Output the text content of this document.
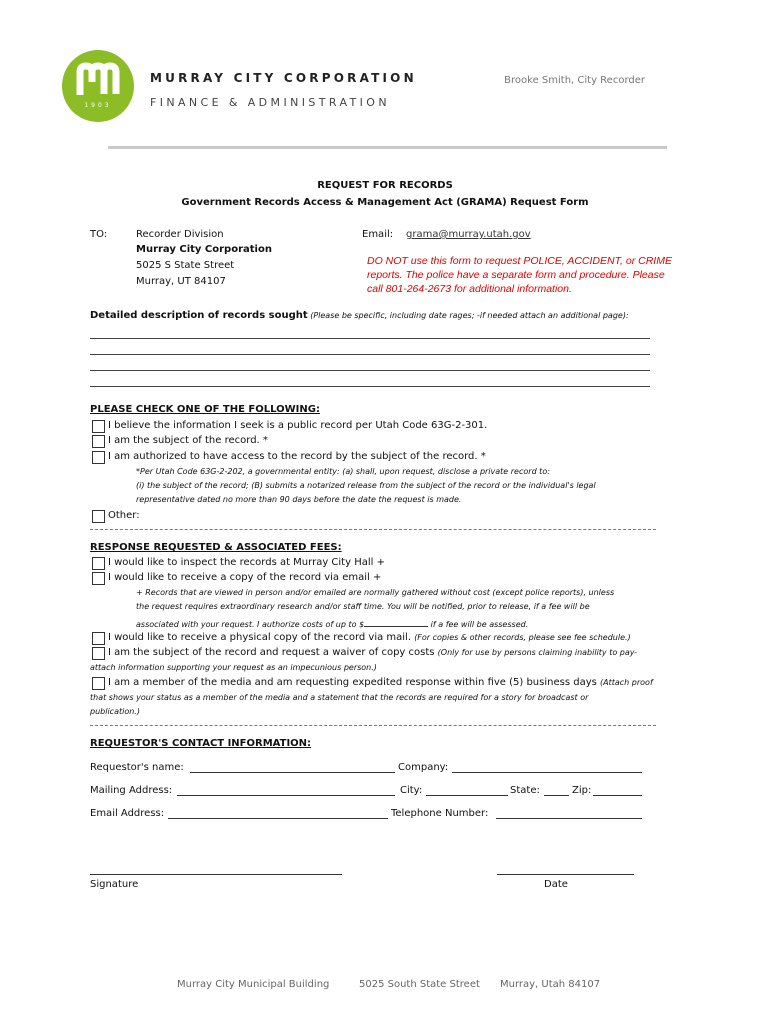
1903
MURRAY CITY CORPORATION
FINANCE & ADMINISTRATION
Brooke Smith, City Recorder
REQUEST FOR RECORDS
Government Records Access & Management Act (GRAMA) Request Form
TO:	Recorder Division
Murray City Corporation
5025 S State Street
Murray, UT 84107
Email: grama@murray.utah.gov
DO NOT use this form to request POLICE, ACCIDENT, or CRIME
reports. The police have a separate form and procedure. Please
call 801-264-2673 for additional information.
Detailed description of records sought (Please be specific, including date rages; -if needed attach an additional page):
PLEASE CHECK ONE OF THE FOLLOWING:
I believe the information I seek is a public record per Utah Code 63G-2-301.
I am the subject of the record. *
I am authorized to have access to the record by the subject of the record. *
*Per Utah Code 63G-2-202, a governmental entity: (a) shall, upon request, disclose a private record to:
(i) the subject of the record; (B) submits a notarized release from the subject of the record or the individual's legal
representative dated no more than 90 days before the date the request is made.
Other:
RESPONSE REQUESTED & ASSOCIATED FEES:
I would like to inspect the records at Murray City Hall +
I would like to receive a copy of the record via email +
+ Records that are viewed in person and/or emailed are normally gathered without cost (except police reports), unless
the request requires extraordinary research and/or staff time. You will be notified, prior to release, if a fee will be
associated with your request. I authorize costs of up to $	if a fee will be assessed.
I would like to receive a physical copy of the record via mail. (For copies & other records, please see fee schedule.)
I am the subject of the record and request a waiver of copy costs (Only for use by persons claiming inability to pay-
attach information supporting your request as an impecunious person.)
I am a member of the media and am requesting expedited response within five (5) business days (Attach proof
that shows your status as a member of the media and a statement that the records are required for a story for broadcast or
publication.)
REQUESTOR'S CONTACT INFORMATION:
Requestor's name:	Company:
Mailing Address:	City:	State:	Zip:
Email Address:	Telephone Number:
Signature	Date
Murray City Municipal Building	5025 South State Street Murray, Utah 84107
